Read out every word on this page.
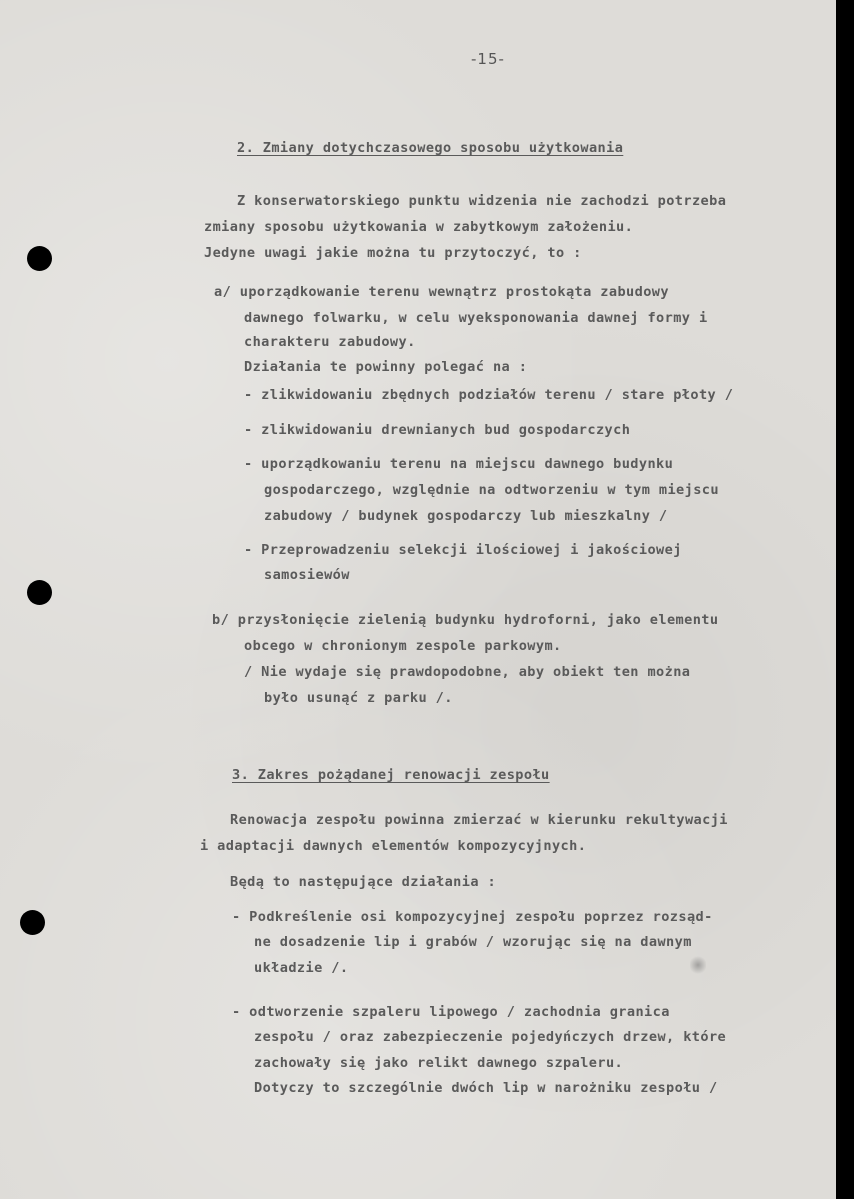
-15-
2. Zmiany dotychczasowego sposobu użytkowania
Z konserwatorskiego punktu widzenia nie zachodzi potrzeba
zmiany sposobu użytkowania w zabytkowym założeniu.
Jedyne uwagi jakie można tu przytoczyć, to :
a/ uporządkowanie terenu wewnątrz prostokąta zabudowy
dawnego folwarku, w celu wyeksponowania dawnej formy i
charakteru zabudowy.
Działania te powinny polegać na :
- zlikwidowaniu zbędnych podziałów terenu / stare płoty /
- zlikwidowaniu drewnianych bud gospodarczych
- uporządkowaniu terenu na miejscu dawnego budynku
gospodarczego, względnie na odtworzeniu w tym miejscu
zabudowy / budynek gospodarczy lub mieszkalny /
- Przeprowadzeniu selekcji ilościowej i jakościowej
samosiewów
b/ przysłonięcie zielenią budynku hydroforni, jako elementu
obcego w chronionym zespole parkowym.
/ Nie wydaje się prawdopodobne, aby obiekt ten można
było usunąć z parku /.
3. Zakres pożądanej renowacji zespołu
Renowacja zespołu powinna zmierzać w kierunku rekultywacji
i adaptacji dawnych elementów kompozycyjnych.
Będą to następujące działania :
- Podkreślenie osi kompozycyjnej zespołu poprzez rozsąd-
ne dosadzenie lip i grabów / wzorując się na dawnym
układzie /.
- odtworzenie szpaleru lipowego / zachodnia granica
zespołu / oraz zabezpieczenie pojedyńczych drzew, które
zachowały się jako relikt dawnego szpaleru.
Dotyczy to szczególnie dwóch lip w narożniku zespołu /
